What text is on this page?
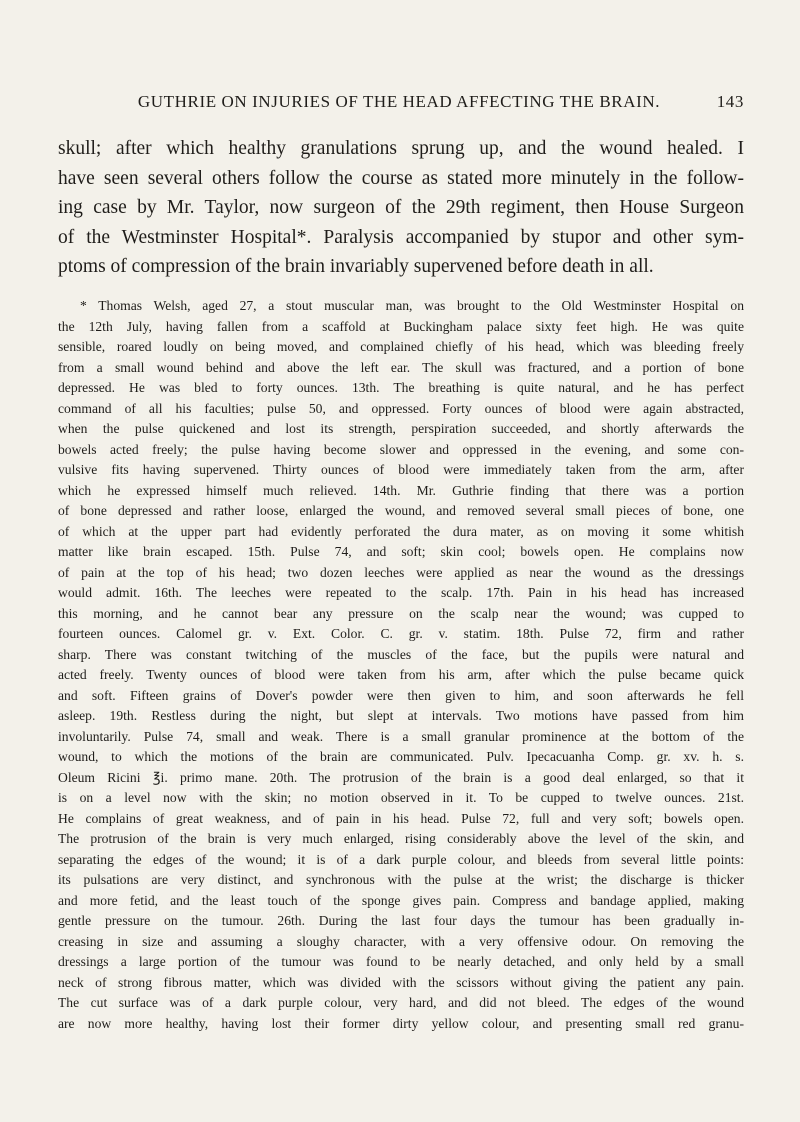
GUTHRIE ON INJURIES OF THE HEAD AFFECTING THE BRAIN.	143

skull; after which healthy granulations sprung up, and the wound healed. I
have seen several others follow the course as stated more minutely in the follow-
ing case by Mr. Taylor, now surgeon of the 29th regiment, then House Surgeon
of the Westminster Hospital*. Paralysis accompanied by stupor and other sym-
ptoms of compression of the brain invariably supervened before death in all.

* Thomas Welsh, aged 27, a stout muscular man, was brought to the Old Westminster Hospital on
the 12th July, having fallen from a scaffold at Buckingham palace sixty feet high. He was quite
sensible, roared loudly on being moved, and complained chiefly of his head, which was bleeding freely
from a small wound behind and above the left ear. The skull was fractured, and a portion of bone
depressed. He was bled to forty ounces. 13th. The breathing is quite natural, and he has perfect
command of all his faculties; pulse 50, and oppressed. Forty ounces of blood were again abstracted,
when the pulse quickened and lost its strength, perspiration succeeded, and shortly afterwards the
bowels acted freely; the pulse having become slower and oppressed in the evening, and some con-
vulsive fits having supervened. Thirty ounces of blood were immediately taken from the arm, after
which he expressed himself much relieved. 14th. Mr. Guthrie finding that there was a portion
of bone depressed and rather loose, enlarged the wound, and removed several small pieces of bone, one
of which at the upper part had evidently perforated the dura mater, as on moving it some whitish
matter like brain escaped. 15th. Pulse 74, and soft; skin cool; bowels open. He complains now
of pain at the top of his head; two dozen leeches were applied as near the wound as the dressings
would admit. 16th. The leeches were repeated to the scalp. 17th. Pain in his head has increased
this morning, and he cannot bear any pressure on the scalp near the wound; was cupped to
fourteen ounces. Calomel gr. v. Ext. Color. C. gr. v. statim. 18th. Pulse 72, firm and rather
sharp. There was constant twitching of the muscles of the face, but the pupils were natural and
acted freely. Twenty ounces of blood were taken from his arm, after which the pulse became quick
and soft. Fifteen grains of Dover's powder were then given to him, and soon afterwards he fell
asleep. 19th. Restless during the night, but slept at intervals. Two motions have passed from him
involuntarily. Pulse 74, small and weak. There is a small granular prominence at the bottom of the
wound, to which the motions of the brain are communicated. Pulv. Ipecacuanha Comp. gr. xv. h. s.
Oleum Ricini ℥i. primo mane. 20th. The protrusion of the brain is a good deal enlarged, so that it
is on a level now with the skin; no motion observed in it. To be cupped to twelve ounces. 21st.
He complains of great weakness, and of pain in his head. Pulse 72, full and very soft; bowels open.
The protrusion of the brain is very much enlarged, rising considerably above the level of the skin, and
separating the edges of the wound; it is of a dark purple colour, and bleeds from several little points:
its pulsations are very distinct, and synchronous with the pulse at the wrist; the discharge is thicker
and more fetid, and the least touch of the sponge gives pain. Compress and bandage applied, making
gentle pressure on the tumour. 26th. During the last four days the tumour has been gradually in-
creasing in size and assuming a sloughy character, with a very offensive odour. On removing the
dressings a large portion of the tumour was found to be nearly detached, and only held by a small
neck of strong fibrous matter, which was divided with the scissors without giving the patient any pain.
The cut surface was of a dark purple colour, very hard, and did not bleed. The edges of the wound
are now more healthy, having lost their former dirty yellow colour, and presenting small red granu-
